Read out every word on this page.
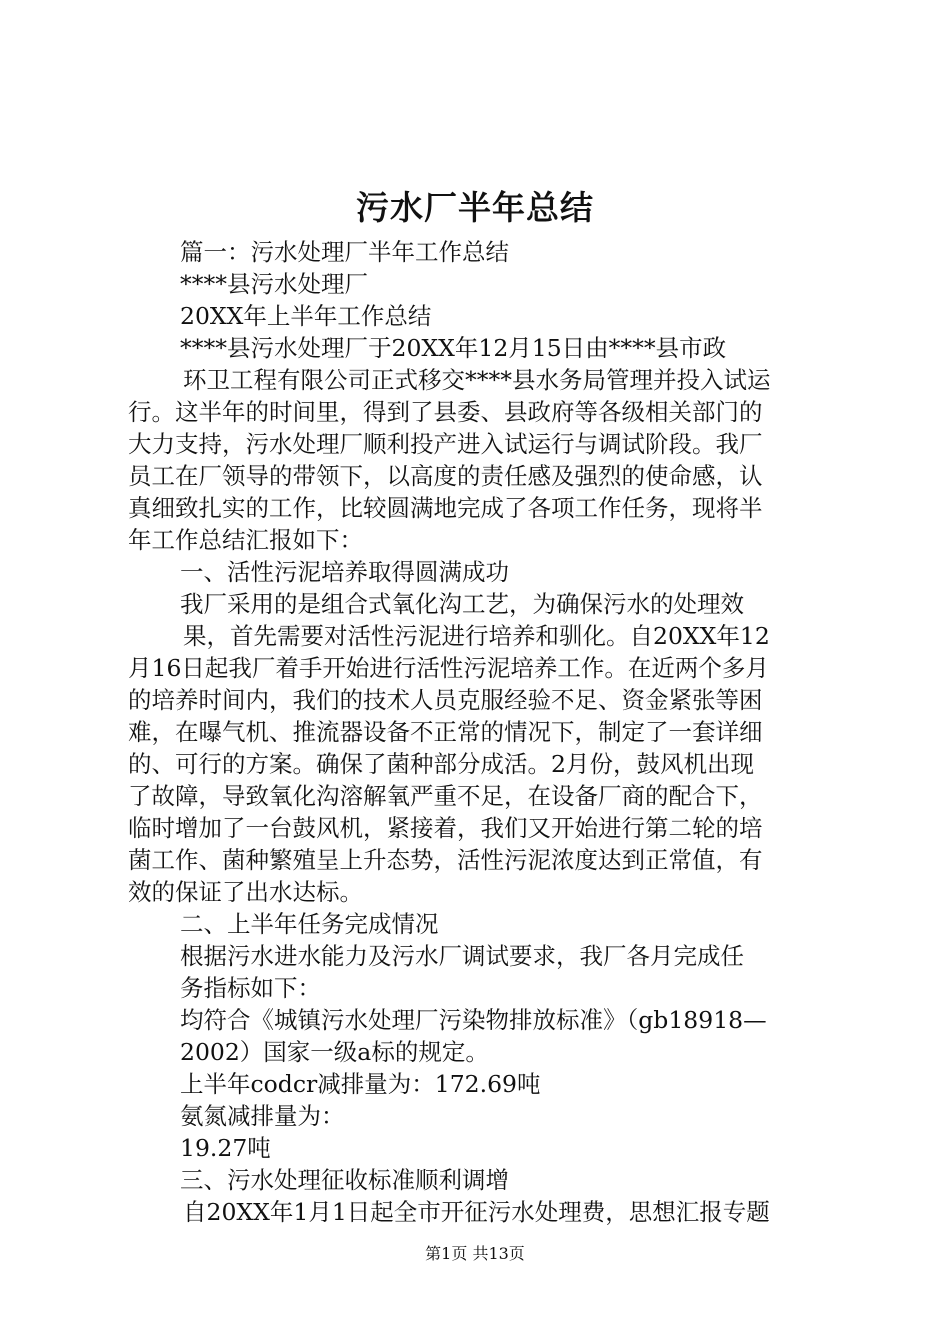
污水厂半年总结
篇一：污水处理厂半年工作总结
****县污水处理厂
20XX年上半年工作总结
****县污水处理厂于20XX年12月15日由****县市政
环卫工程有限公司正式移交****县水务局管理并投入试运
行。这半年的时间里，得到了县委、县政府等各级相关部门的
大力支持，污水处理厂顺利投产进入试运行与调试阶段。我厂
员工在厂领导的带领下，以高度的责任感及强烈的使命感，认
真细致扎实的工作，比较圆满地完成了各项工作任务，现将半
年工作总结汇报如下：
一、活性污泥培养取得圆满成功
我厂采用的是组合式氧化沟工艺，为确保污水的处理效
果，首先需要对活性污泥进行培养和驯化。自20XX年12
月16日起我厂着手开始进行活性污泥培养工作。在近两个多月
的培养时间内，我们的技术人员克服经验不足、资金紧张等困
难，在曝气机、推流器设备不正常的情况下，制定了一套详细
的、可行的方案。确保了菌种部分成活。2月份，鼓风机出现
了故障，导致氧化沟溶解氧严重不足，在设备厂商的配合下，
临时增加了一台鼓风机，紧接着，我们又开始进行第二轮的培
菌工作、菌种繁殖呈上升态势，活性污泥浓度达到正常值，有
效的保证了出水达标。
二、上半年任务完成情况
根据污水进水能力及污水厂调试要求，我厂各月完成任
务指标如下：
均符合《城镇污水处理厂污染物排放标准》（gb18918—
2002）国家一级a标的规定。
上半年codcr减排量为：172.69吨
氨氮减排量为：
19.27吨
三、污水处理征收标准顺利调增
自20XX年1月1日起全市开征污水处理费，思想汇报专题
第1页 共13页
